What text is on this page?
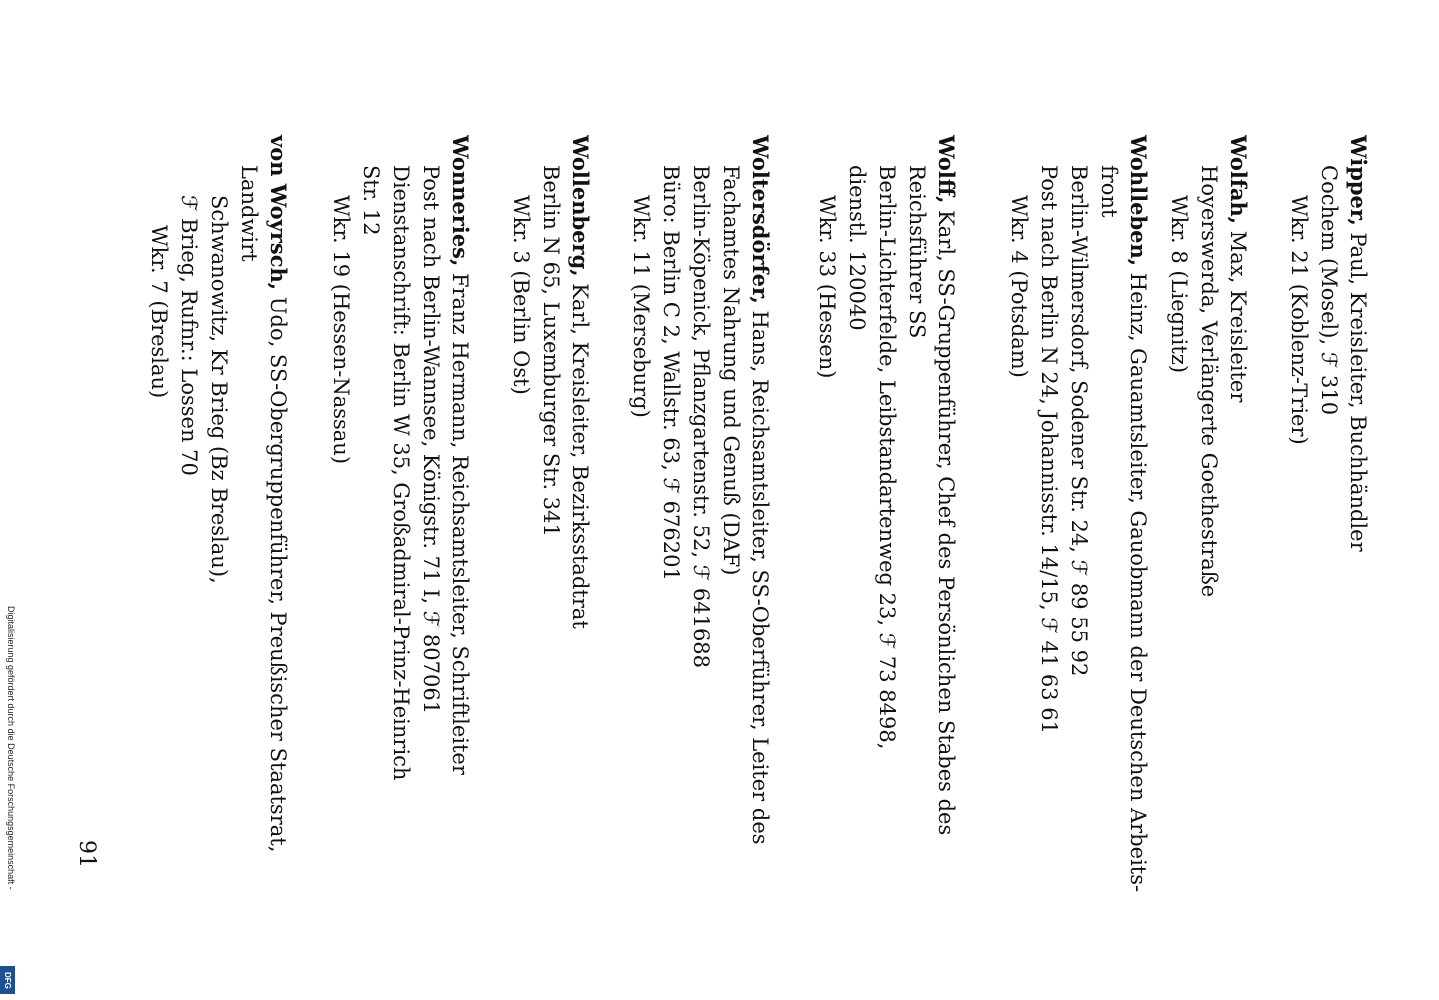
Wipper, Paul, Kreisleiter, Buchhändler
Cochem (Mosel), ℱ 310
Wkr. 21 (Koblenz-Trier)
Wolfah, Max, Kreisleiter
Hoyerswerda, Verlängerte Goethestraße
Wkr. 8 (Liegnitz)
Wohlleben, Heinz, Gauamtsleiter, Gauobmann der Deutschen Arbeits-
front
Berlin-Wilmersdorf, Sodener Str. 24, ℱ 89 55 92
Post nach Berlin N 24, Johannisstr. 14/15, ℱ 41 63 61
Wkr. 4 (Potsdam)
Wolff, Karl, SS-Gruppenführer, Chef des Persönlichen Stabes des
Reichsführer SS
Berlin-Lichterfelde, Leibstandartenweg 23, ℱ 73 8498,
dienstl. 120040
Wkr. 33 (Hessen)
Woltersdörfer, Hans, Reichsamtsleiter, SS-Oberführer, Leiter des
Fachamtes Nahrung und Genuß (DAF)
Berlin-Köpenick, Pflanzgartenstr. 52, ℱ 641688
Büro: Berlin C 2, Wallstr. 63, ℱ 676201
Wkr. 11 (Merseburg)
Wollenberg, Karl, Kreisleiter, Bezirksstadtrat
Berlin N 65, Luxemburger Str. 341
Wkr. 3 (Berlin Ost)
Wonneries, Franz Hermann, Reichsamtsleiter, Schriftleiter
Post nach Berlin-Wannsee, Königstr. 71 I, ℱ 807061
Dienstanschrift: Berlin W 35, Großadmiral-Prinz-Heinrich
Str. 12
Wkr. 19 (Hessen-Nassau)
von Woyrsch, Udo, SS-Obergruppenführer, Preußischer Staatsrat,
Landwirt
Schwanowitz, Kr Brieg (Bz Breslau),
ℱ Brieg, Rufnr.: Lossen 70
Wkr. 7 (Breslau)
91
Digitalisierung gefördert durch die Deutsche Forschungsgemeinschaft -
DFG
